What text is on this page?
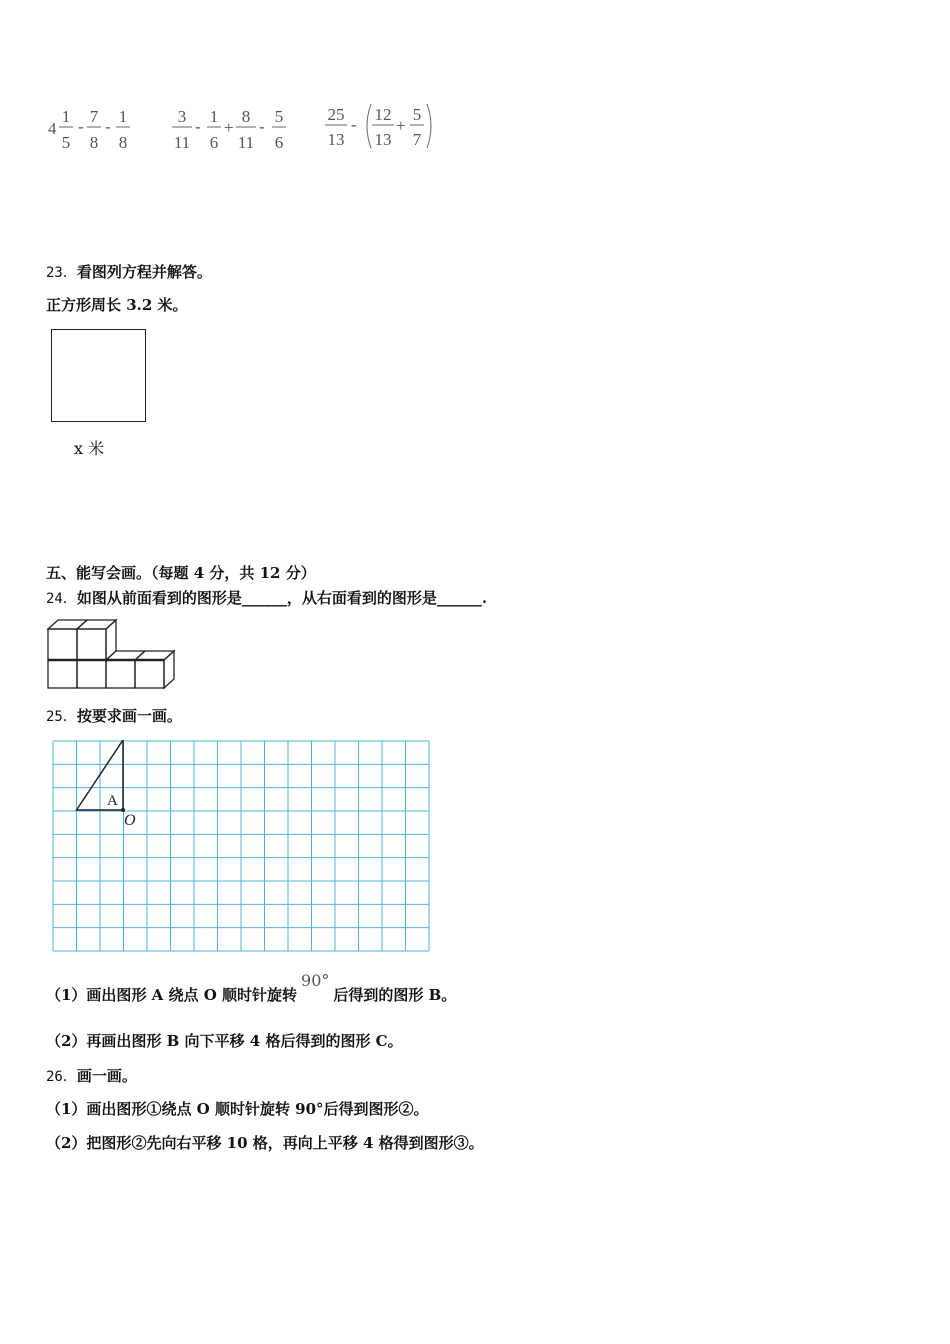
4
1
5
-
7
8
-
1
8
3
11
-
1
6
+
8
11
-
5
6
25
13
-
12
13
+
5
7
23．看图列方程并解答。
正方形周长 3.2 米。
x 米
五、能写会画。（每题 4 分，共 12 分）
24．如图从前面看到的图形是______，从右面看到的图形是______.
25．按要求画一画。
A
O
（1）画出图形 A 绕点 O 顺时针旋转90°后得到的图形 B。
（2）再画出图形 B 向下平移 4 格后得到的图形 C。
26．画一画。
（1）画出图形①绕点 O 顺时针旋转 90°后得到图形②。
（2）把图形②先向右平移 10 格，再向上平移 4 格得到图形③。
